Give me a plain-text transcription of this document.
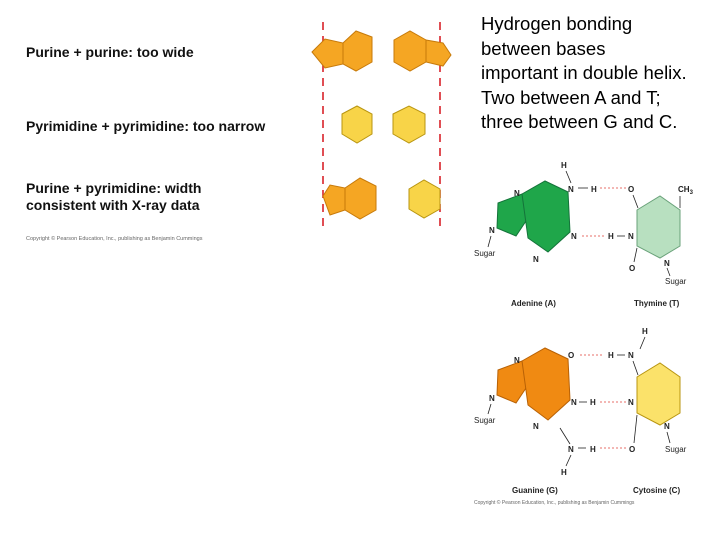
Purine + purine: too wide
Pyrimidine + pyrimidine: too narrow
Purine + pyrimidine: width
consistent with X-ray data
Copyright © Pearson Education, Inc., publishing as Benjamin Cummings
Hydrogen bonding
between bases
important in double helix.
Two between A and T;
three between G and C.
N
N
N
N
N
H
H
Sugar
Adenine (A)
H
O	$CH_3$
N
N
O
Sugar
Thymine (T)
N
N	N
N
O
H
N H
H
Sugar
Guanine (G)
H
H
N
N
N
O	Sugar
Cytosine (C)
Copyright © Pearson Education, Inc., publishing as Benjamin Cummings
